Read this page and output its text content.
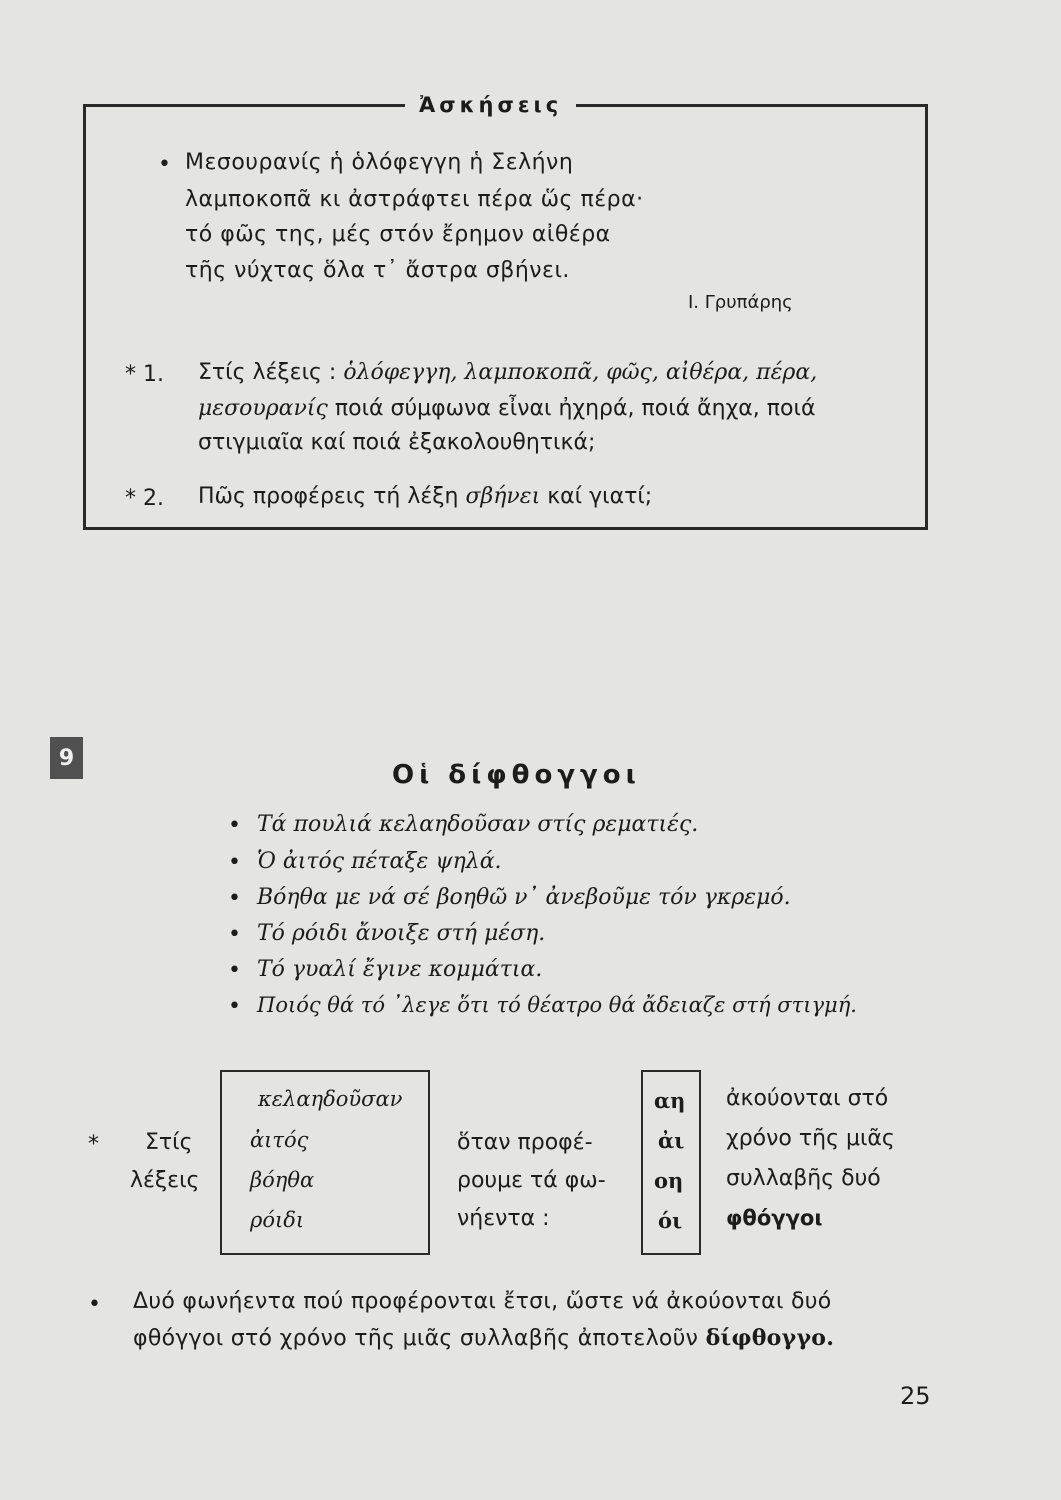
Ἀσκήσεις
• Μεσουρανίς ἡ ὁλόφεγγη ἡ Σελήνη
λαμποκοπᾶ κι ἀστράφτει πέρα ὥς πέρα·
τό φῶς της, μές στόν ἔρημον αἰθέρα
τῆς νύχτας ὅλα τ᾽ ἄστρα σβήνει.
Ι. Γρυπάρης
* 1. Στίς λέξεις : ὁλόφεγγη, λαμποκοπᾶ, φῶς, αἰθέρα, πέρα,
μεσουρανίς ποιά σύμφωνα εἶναι ἠχηρά, ποιά ἄηχα, ποιά
στιγμιαῖα καί ποιά ἐξακολουθητικά;
* 2. Πῶς προφέρεις τή λέξη σβήνει καί γιατί;
9
Οἱ δίφθογγοι
• Τά πουλιά κελαηδοῦσαν στίς ρεματιές.
• Ὁ ἀιτός πέταξε ψηλά.
• Βόηθα με νά σέ βοηθῶ ν᾽ ἀνεβοῦμε τόν γκρεμό.
• Τό ρόιδι ἄνοιξε στή μέση.
• Τό γυαλί ἔγινε κομμάτια.
• Ποιός θά τό ᾽λεγε ὅτι τό θέατρο θά ἄδειαζε στή στιγμή.
* Στίς
λέξεις
κελαηδοῦσαν
ἀιτός
βόηθα
ρόιδι
ὅταν προφέ-
ρουμε τά φω-
νήεντα :
αη
ἀι
οη
όι
ἀκούονται στό
χρόνο τῆς μιᾶς
συλλαβῆς δυό
φθόγγοι
• Δυό φωνήεντα πού προφέρονται ἔτσι, ὥστε νά ἀκούονται δυό
φθόγγοι στό χρόνο τῆς μιᾶς συλλαβῆς ἀποτελοῦν δίφθογγο.
25
